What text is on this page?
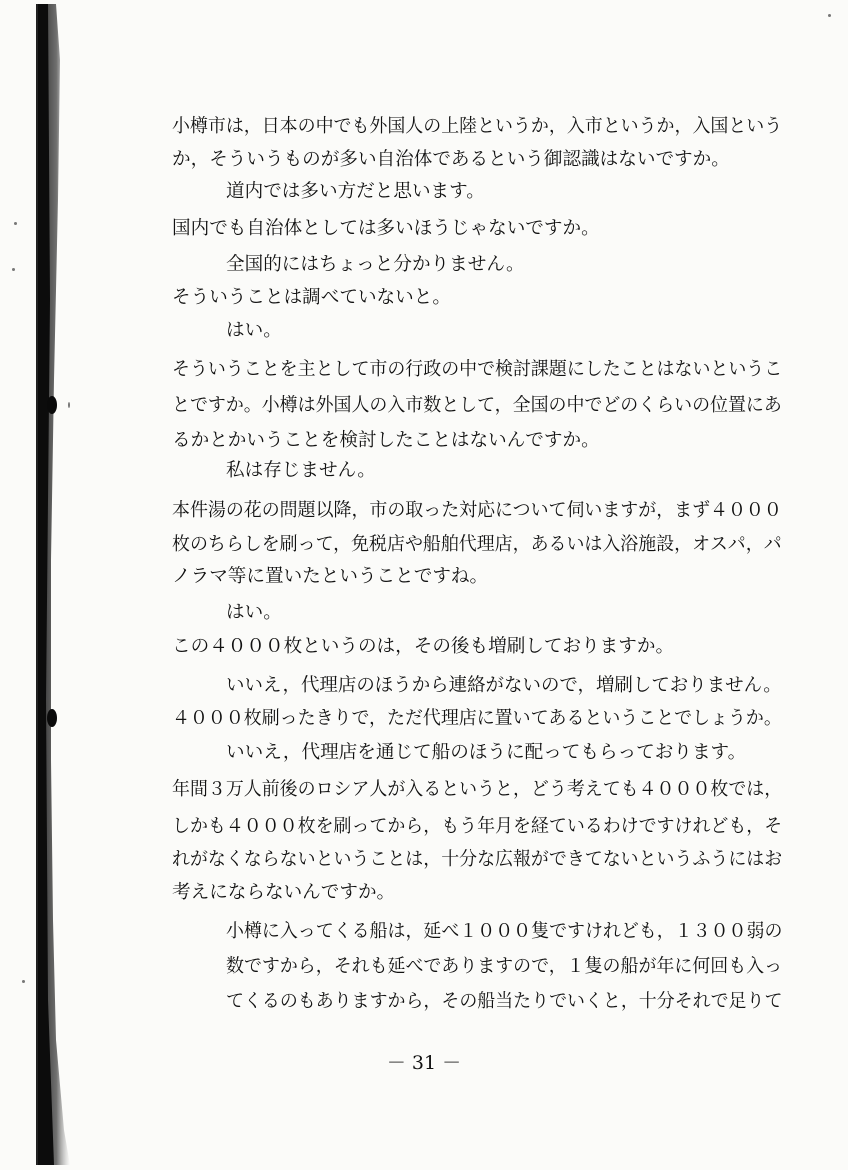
小樽市は，日本の中でも外国人の上陸というか，入市というか，入国という
か，そういうものが多い自治体であるという御認識はないですか。
道内では多い方だと思います。
国内でも自治体としては多いほうじゃないですか。
全国的にはちょっと分かりません。
そういうことは調べていないと。
はい。
そういうことを主として市の行政の中で検討課題にしたことはないというこ
とですか。小樽は外国人の入市数として，全国の中でどのくらいの位置にあ
るかとかいうことを検討したことはないんですか。
私は存じません。
本件湯の花の問題以降，市の取った対応について伺いますが，まず４０００
枚のちらしを刷って，免税店や船舶代理店，あるいは入浴施設，オスパ，パ
ノラマ等に置いたということですね。
はい。
この４０００枚というのは，その後も増刷しておりますか。
いいえ，代理店のほうから連絡がないので，増刷しておりません。
４０００枚刷ったきりで，ただ代理店に置いてあるということでしょうか。
いいえ，代理店を通じて船のほうに配ってもらっております。
年間３万人前後のロシア人が入るというと，どう考えても４０００枚では，
しかも４０００枚を刷ってから，もう年月を経ているわけですけれども，そ
れがなくならないということは，十分な広報ができてないというふうにはお
考えにならないんですか。
小樽に入ってくる船は，延べ１０００隻ですけれども，１３００弱の
数ですから，それも延べでありますので，１隻の船が年に何回も入っ
てくるのもありますから，その船当たりでいくと，十分それで足りて
－ 31 －
